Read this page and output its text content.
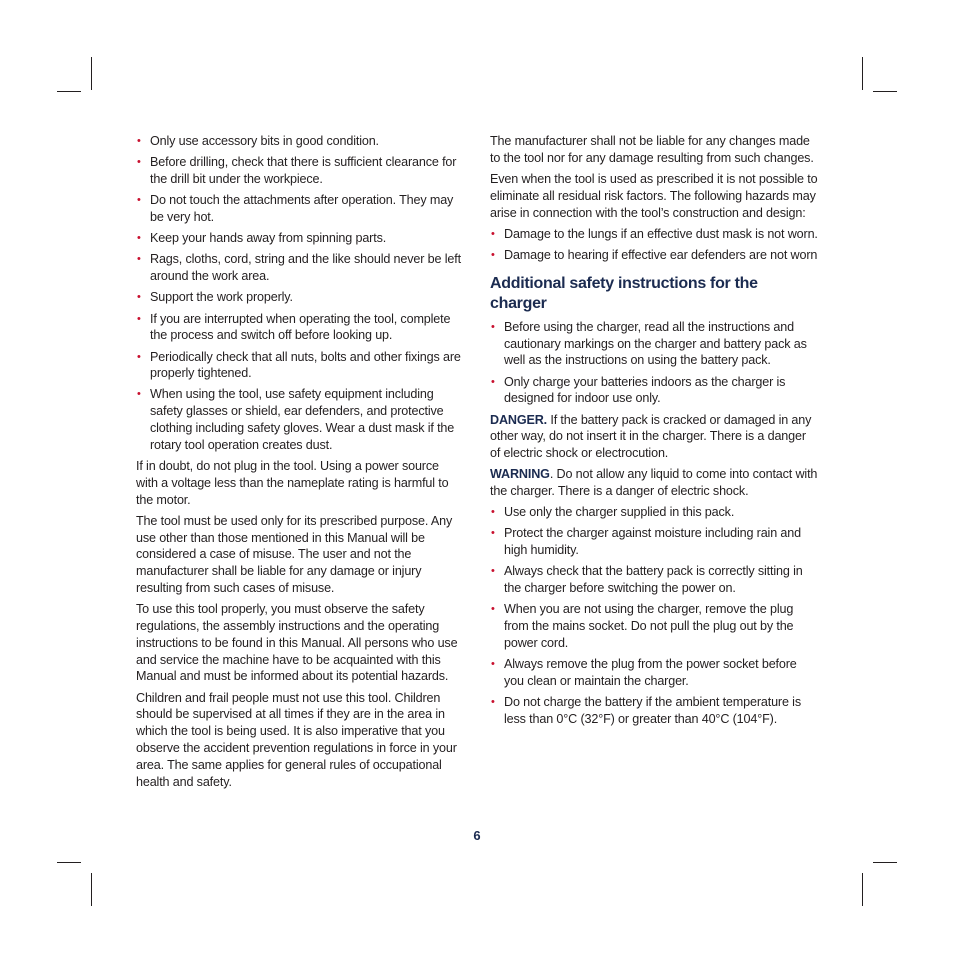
• Only use accessory bits in good condition.
• Before drilling, check that there is sufficient clearance for the drill bit under the workpiece.
• Do not touch the attachments after operation. They may be very hot.
• Keep your hands away from spinning parts.
• Rags, cloths, cord, string and the like should never be left around the work area.
• Support the work properly.
• If you are interrupted when operating the tool, complete the process and switch off before looking up.
• Periodically check that all nuts, bolts and other fixings are properly tightened.
• When using the tool, use safety equipment including safety glasses or shield, ear defenders, and protective clothing including safety gloves. Wear a dust mask if the rotary tool operation creates dust.

If in doubt, do not plug in the tool. Using a power source with a voltage less than the nameplate rating is harmful to the motor.

The tool must be used only for its prescribed purpose. Any use other than those mentioned in this Manual will be considered a case of misuse. The user and not the manufacturer shall be liable for any damage or injury resulting from such cases of misuse.

To use this tool properly, you must observe the safety regulations, the assembly instructions and the operating instructions to be found in this Manual. All persons who use and service the machine have to be acquainted with this Manual and must be informed about its potential hazards.

Children and frail people must not use this tool. Children should be supervised at all times if they are in the area in which the tool is being used. It is also imperative that you observe the accident prevention regulations in force in your area. The same applies for general rules of occupational health and safety.

The manufacturer shall not be liable for any changes made to the tool nor for any damage resulting from such changes.

Even when the tool is used as prescribed it is not possible to eliminate all residual risk factors. The following hazards may arise in connection with the tool’s construction and design:

• Damage to the lungs if an effective dust mask is not worn.
• Damage to hearing if effective ear defenders are not worn
Additional safety instructions for the charger
• Before using the charger, read all the instructions and cautionary markings on the charger and battery pack as well as the instructions on using the battery pack.
• Only charge your batteries indoors as the charger is designed for indoor use only.

DANGER. If the battery pack is cracked or damaged in any other way, do not insert it in the charger. There is a danger of electric shock or electrocution.

WARNING. Do not allow any liquid to come into contact with the charger. There is a danger of electric shock.

• Use only the charger supplied in this pack.
• Protect the charger against moisture including rain and high humidity.
• Always check that the battery pack is correctly sitting in the charger before switching the power on.
• When you are not using the charger, remove the plug from the mains socket. Do not pull the plug out by the power cord.
• Always remove the plug from the power socket before you clean or maintain the charger.
• Do not charge the battery if the ambient temperature is less than 0°C (32°F) or greater than 40°C (104°F).
6
